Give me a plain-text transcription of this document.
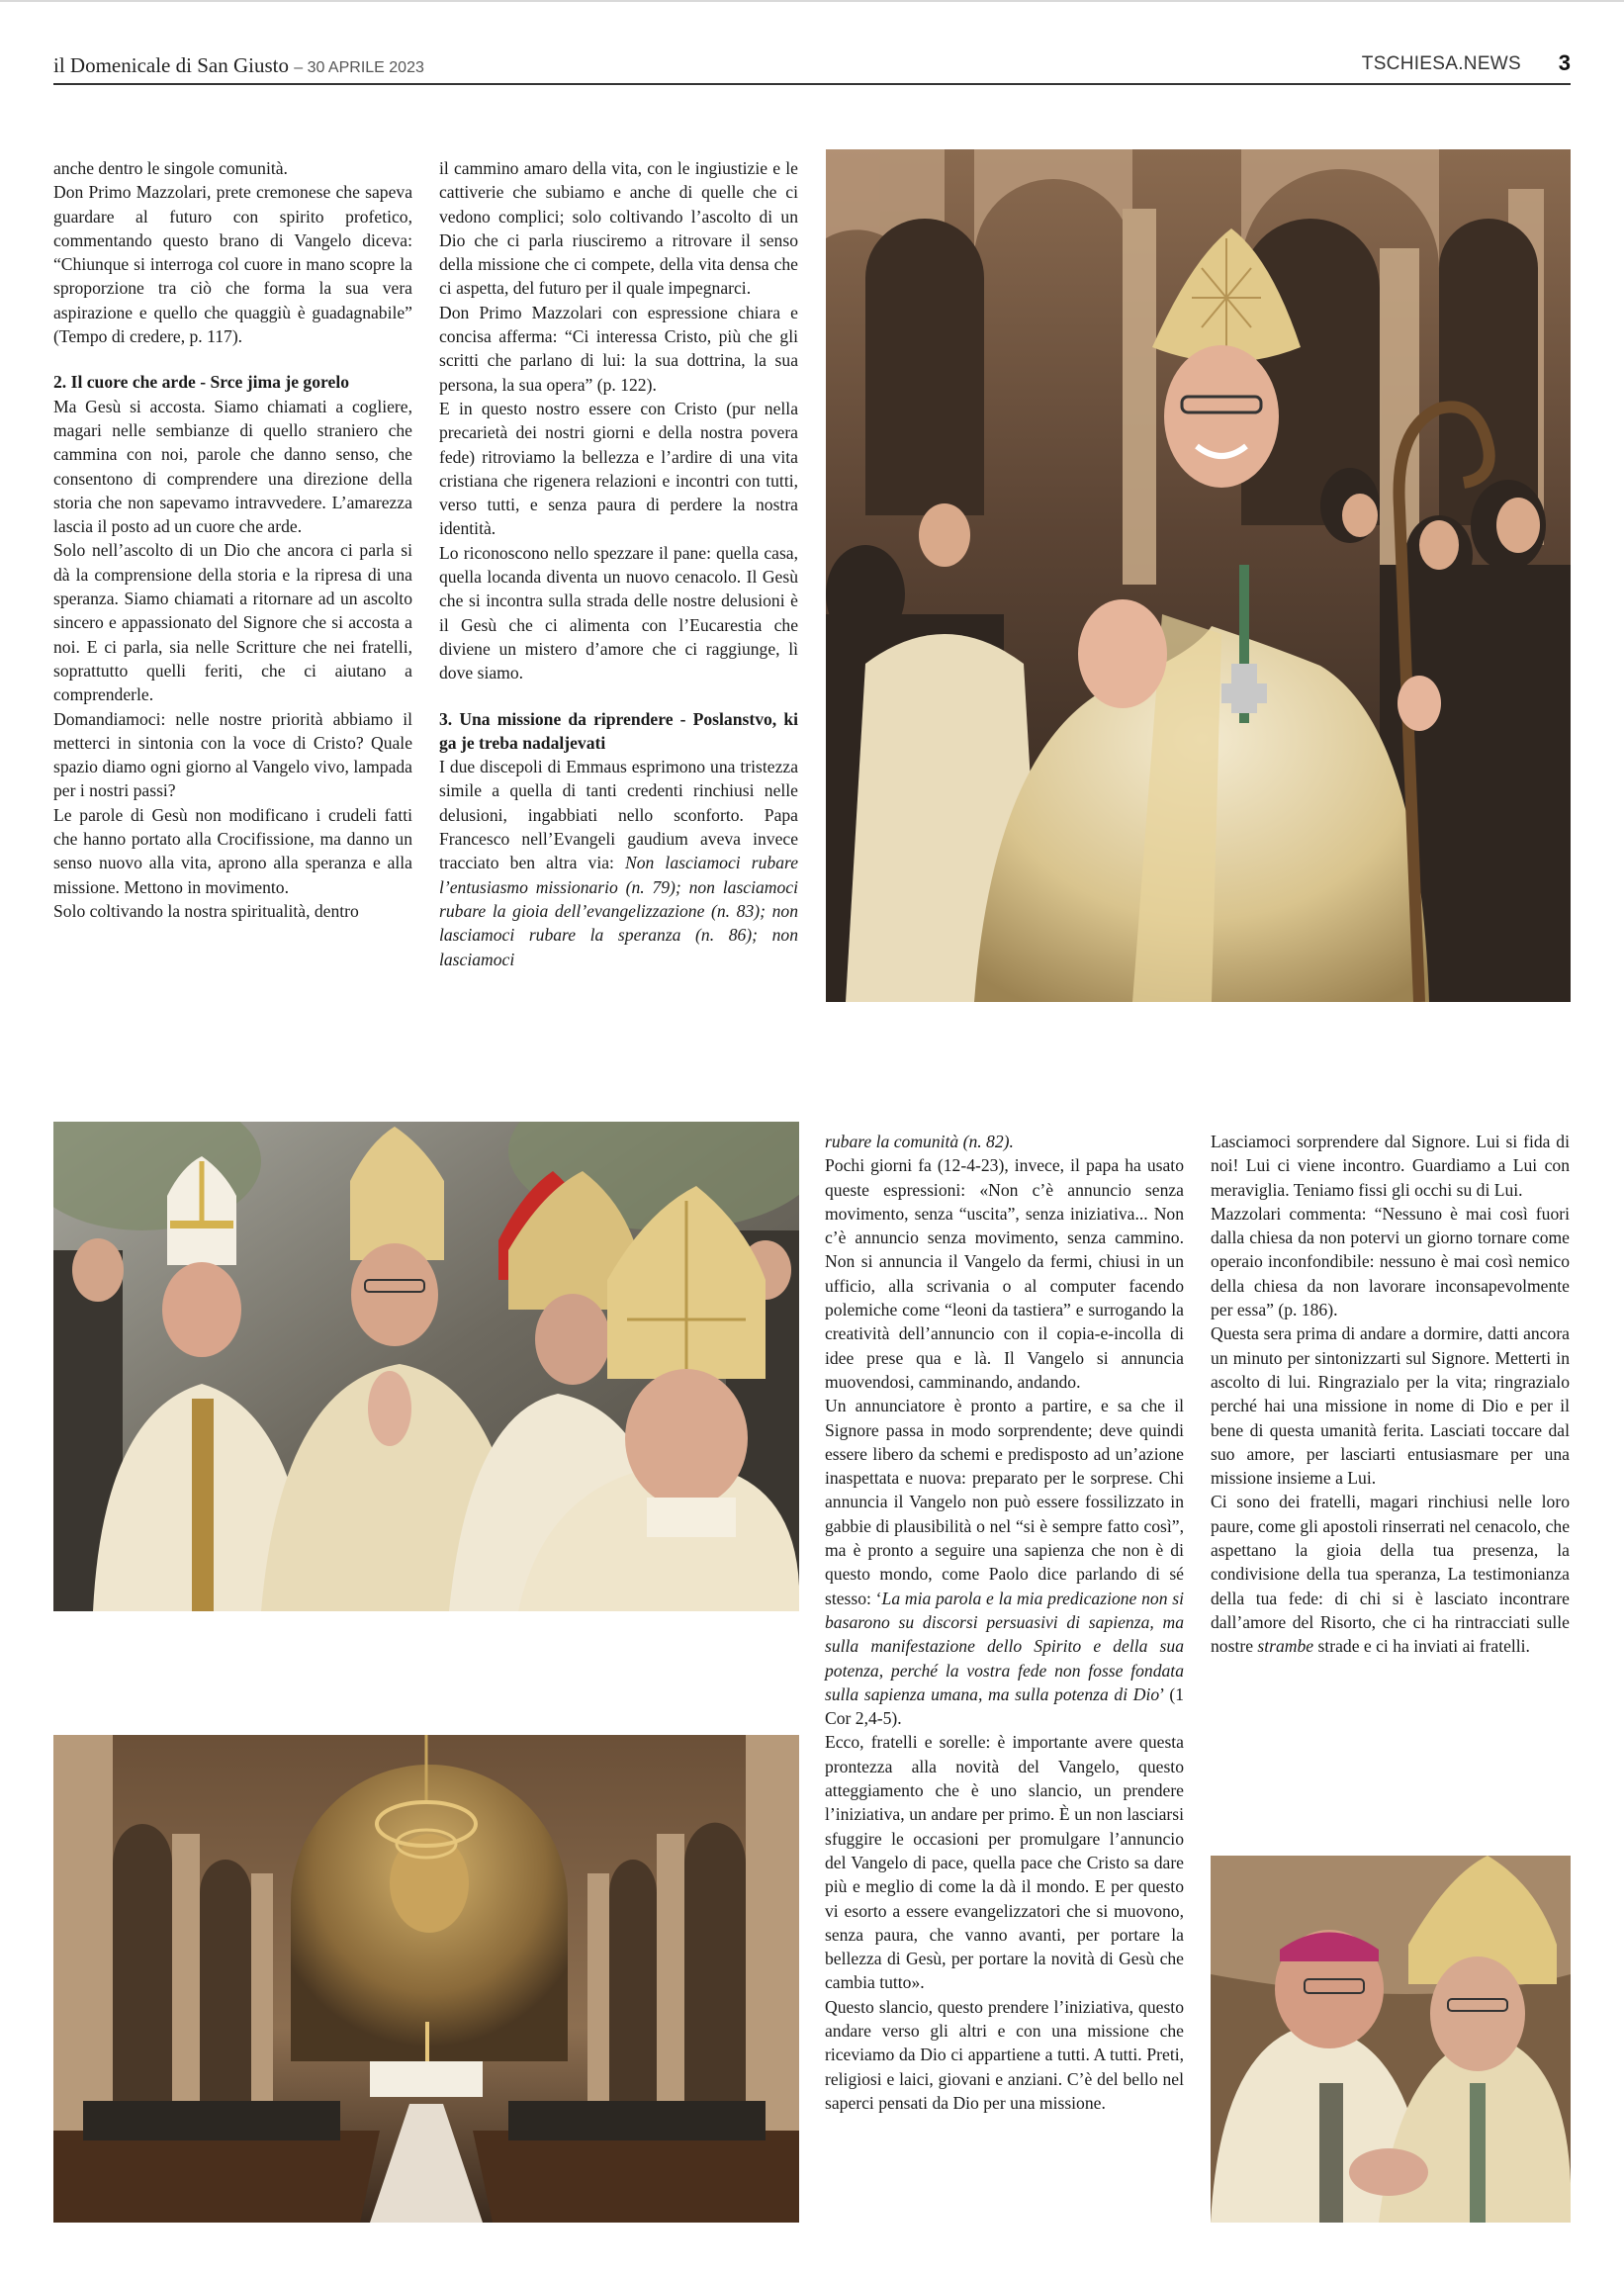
il Domenicale di San Giusto – 30 APRILE 2023	TSCHIESA.NEWS 3

anche dentro le singole comunità.

Don Primo Mazzolari, prete cremonese che sapeva guardare al futuro con spirito profetico, commentando questo brano di Vangelo diceva: “Chiunque si interroga col cuore in mano scopre la sproporzione tra ciò che forma la sua vera aspirazione e quello che quaggiù è guadagnabile” (Tempo di credere, p. 117).

2. Il cuore che arde - Srce jima je gorelo

Ma Gesù si accosta. Siamo chiamati a cogliere, magari nelle sembianze di quello straniero che cammina con noi, parole che danno senso, che consentono di comprendere una direzione della storia che non sapevamo intravvedere. L’amarezza lascia il posto ad un cuore che arde.

Solo nell’ascolto di un Dio che ancora ci parla si dà la comprensione della storia e la ripresa di una speranza. Siamo chiamati a ritornare ad un ascolto sincero e appassionato del Signore che si accosta a noi. E ci parla, sia nelle Scritture che nei fratelli, soprattutto quelli feriti, che ci aiutano a comprenderle.

Domandiamoci: nelle nostre priorità abbiamo il metterci in sintonia con la voce di Cristo? Quale spazio diamo ogni giorno al Vangelo vivo, lampada per i nostri passi?

Le parole di Gesù non modificano i crudeli fatti che hanno portato alla Crocifissione, ma danno un senso nuovo alla vita, aprono alla speranza e alla missione. Mettono in movimento.

Solo coltivando la nostra spiritualità, dentro

il cammino amaro della vita, con le ingiustizie e le cattiverie che subiamo e anche di quelle che ci vedono complici; solo coltivando l’ascolto di un Dio che ci parla riusciremo a ritrovare il senso della missione che ci compete, della vita densa che ci aspetta, del futuro per il quale impegnarci.

Don Primo Mazzolari con espressione chiara e concisa afferma: “Ci interessa Cristo, più che gli scritti che parlano di lui: la sua dottrina, la sua persona, la sua opera” (p. 122).

E in questo nostro essere con Cristo (pur nella precarietà dei nostri giorni e della nostra povera fede) ritroviamo la bellezza e l’ardire di una vita cristiana che rigenera relazioni e incontri con tutti, verso tutti, e senza paura di perdere la nostra identità.

Lo riconoscono nello spezzare il pane: quella casa, quella locanda diventa un nuovo cenacolo. Il Gesù che si incontra sulla strada delle nostre delusioni è il Gesù che ci alimenta con l’Eucarestia che diviene un mistero d’amore che ci raggiunge, lì dove siamo.

3. Una missione da riprendere - Poslanstvo, ki ga je treba nadaljevati

I due discepoli di Emmaus esprimono una tristezza simile a quella di tanti credenti rinchiusi nelle delusioni, ingabbiati nello sconforto. Papa Francesco nell’Evangeli gaudium aveva invece tracciato ben altra via: Non lasciamoci rubare l’entusiasmo missionario (n. 79); non lasciamoci rubare la gioia dell’evangelizzazione (n. 83); non lasciamoci rubare la speranza (n. 86); non lasciamoci

rubare la comunità (n. 82).

Pochi giorni fa (12-4-23), invece, il papa ha usato queste espressioni: «Non c’è annuncio senza movimento, senza “uscita”, senza iniziativa... Non c’è annuncio senza movimento, senza cammino. Non si annuncia il Vangelo da fermi, chiusi in un ufficio, alla scrivania o al computer facendo polemiche come “leoni da tastiera” e surrogando la creatività dell’annuncio con il copia-e-incolla di idee prese qua e là. Il Vangelo si annuncia muovendosi, camminando, andando.

Un annunciatore è pronto a partire, e sa che il Signore passa in modo sorprendente; deve quindi essere libero da schemi e predisposto ad un’azione inaspettata e nuova: preparato per le sorprese. Chi annuncia il Vangelo non può essere fossilizzato in gabbie di plausibilità o nel “si è sempre fatto così”, ma è pronto a seguire una sapienza che non è di questo mondo, come Paolo dice parlando di sé stesso: ‘La mia parola e la mia predicazione non si basarono su discorsi persuasivi di sapienza, ma sulla manifestazione dello Spirito e della sua potenza, perché la vostra fede non fosse fondata sulla sapienza umana, ma sulla potenza di Dio’ (1 Cor 2,4-5).

Ecco, fratelli e sorelle: è importante avere questa prontezza alla novità del Vangelo, questo atteggiamento che è uno slancio, un prendere l’iniziativa, un andare per primo. È un non lasciarsi sfuggire le occasioni per promulgare l’annuncio del Vangelo di pace, quella pace che Cristo sa dare più e meglio di come la dà il mondo. E per questo vi esorto a essere evangelizzatori che si muovono, senza paura, che vanno avanti, per portare la bellezza di Gesù, per portare la novità di Gesù che cambia tutto».

Questo slancio, questo prendere l’iniziativa, questo andare verso gli altri e con una missione che riceviamo da Dio ci appartiene a tutti. A tutti. Preti, religiosi e laici, giovani e anziani. C’è del bello nel saperci pensati da Dio per una missione.

Lasciamoci sorprendere dal Signore. Lui si fida di noi! Lui ci viene incontro. Guardiamo a Lui con meraviglia. Teniamo fissi gli occhi su di Lui.

Mazzolari commenta: “Nessuno è mai così fuori dalla chiesa da non potervi un giorno tornare come operaio inconfondibile: nessuno è mai così nemico della chiesa da non lavorare inconsapevolmente per essa” (p. 186).

Questa sera prima di andare a dormire, datti ancora un minuto per sintonizzarti sul Signore. Metterti in ascolto di lui. Ringrazialo per la vita; ringrazialo perché hai una missione in nome di Dio e per il bene di questa umanità ferita. Lasciati toccare dal suo amore, per lasciarti entusiasmare per una missione insieme a Lui.

Ci sono dei fratelli, magari rinchiusi nelle loro paure, come gli apostoli rinserrati nel cenacolo, che aspettano la gioia della tua presenza, la condivisione della tua speranza, La testimonianza della tua fede: di chi si è lasciato incontrare dall’amore del Risorto, che ci ha rintracciati sulle nostre strambe strade e ci ha inviati ai fratelli.
